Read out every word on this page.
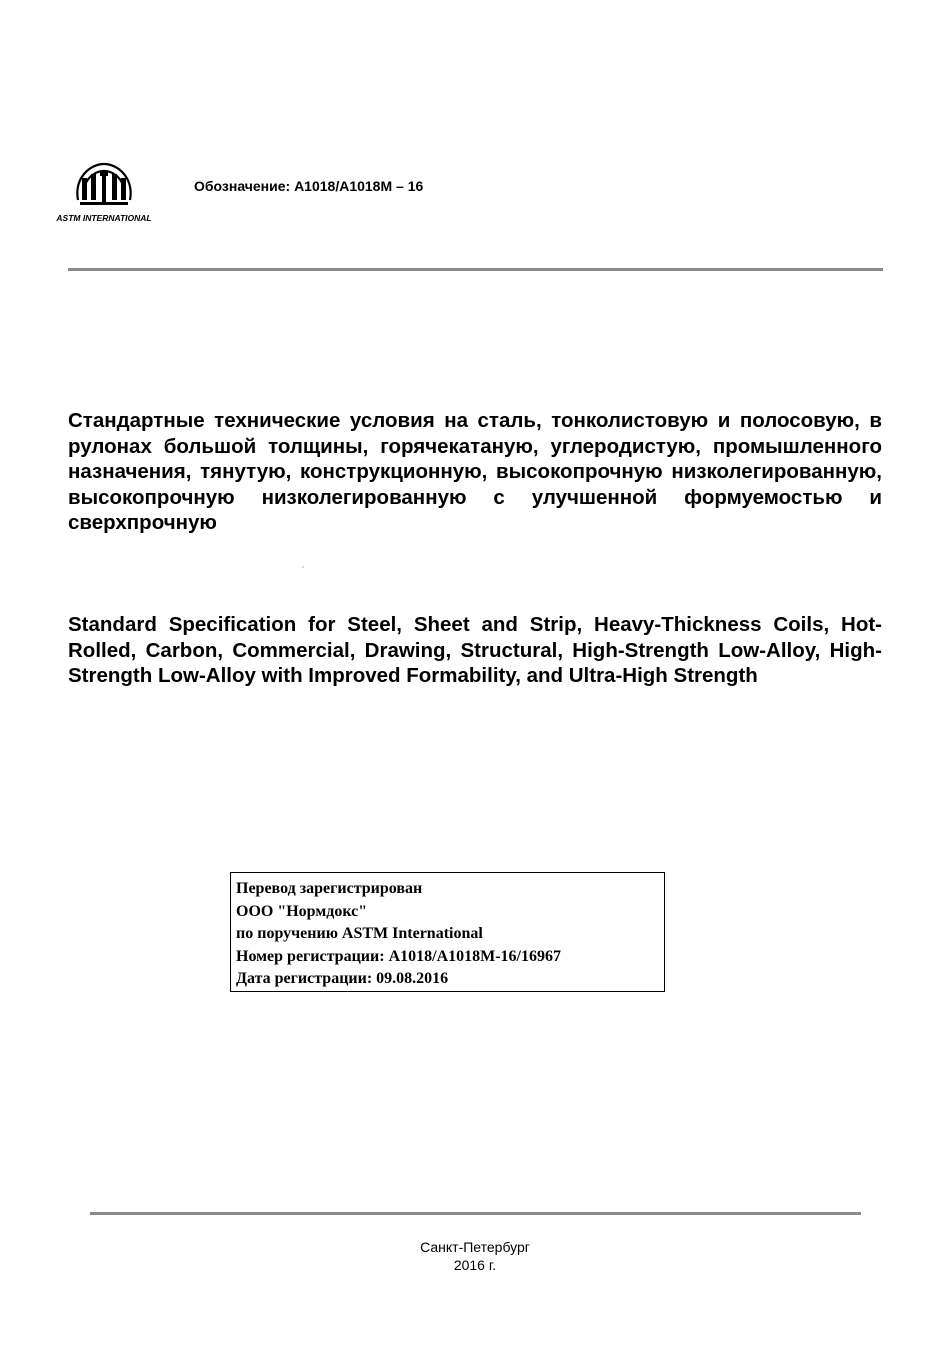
ASTM INTERNATIONAL
Обозначение: A1018/A1018M – 16

Стандартные технические условия на сталь, тонколистовую и полосовую, в рулонах большой толщины, горячекатаную, углеродистую, промышленного назначения, тянутую, конструкционную, высокопрочную низколегированную, высокопрочную низколегированную с улучшенной формуемостью и сверхпрочную

Standard Specification for Steel, Sheet and Strip, Heavy-Thickness Coils, Hot-Rolled, Carbon, Commercial, Drawing, Structural, High-Strength Low-Alloy, High-Strength Low-Alloy with Improved Formability, and Ultra-High Strength

Перевод зарегистрирован
ООО "Нормдокс"
по поручению ASTM International
Номер регистрации: A1018/A1018M-16/16967
Дата регистрации: 09.08.2016
Санкт-Петербург
2016 г.
